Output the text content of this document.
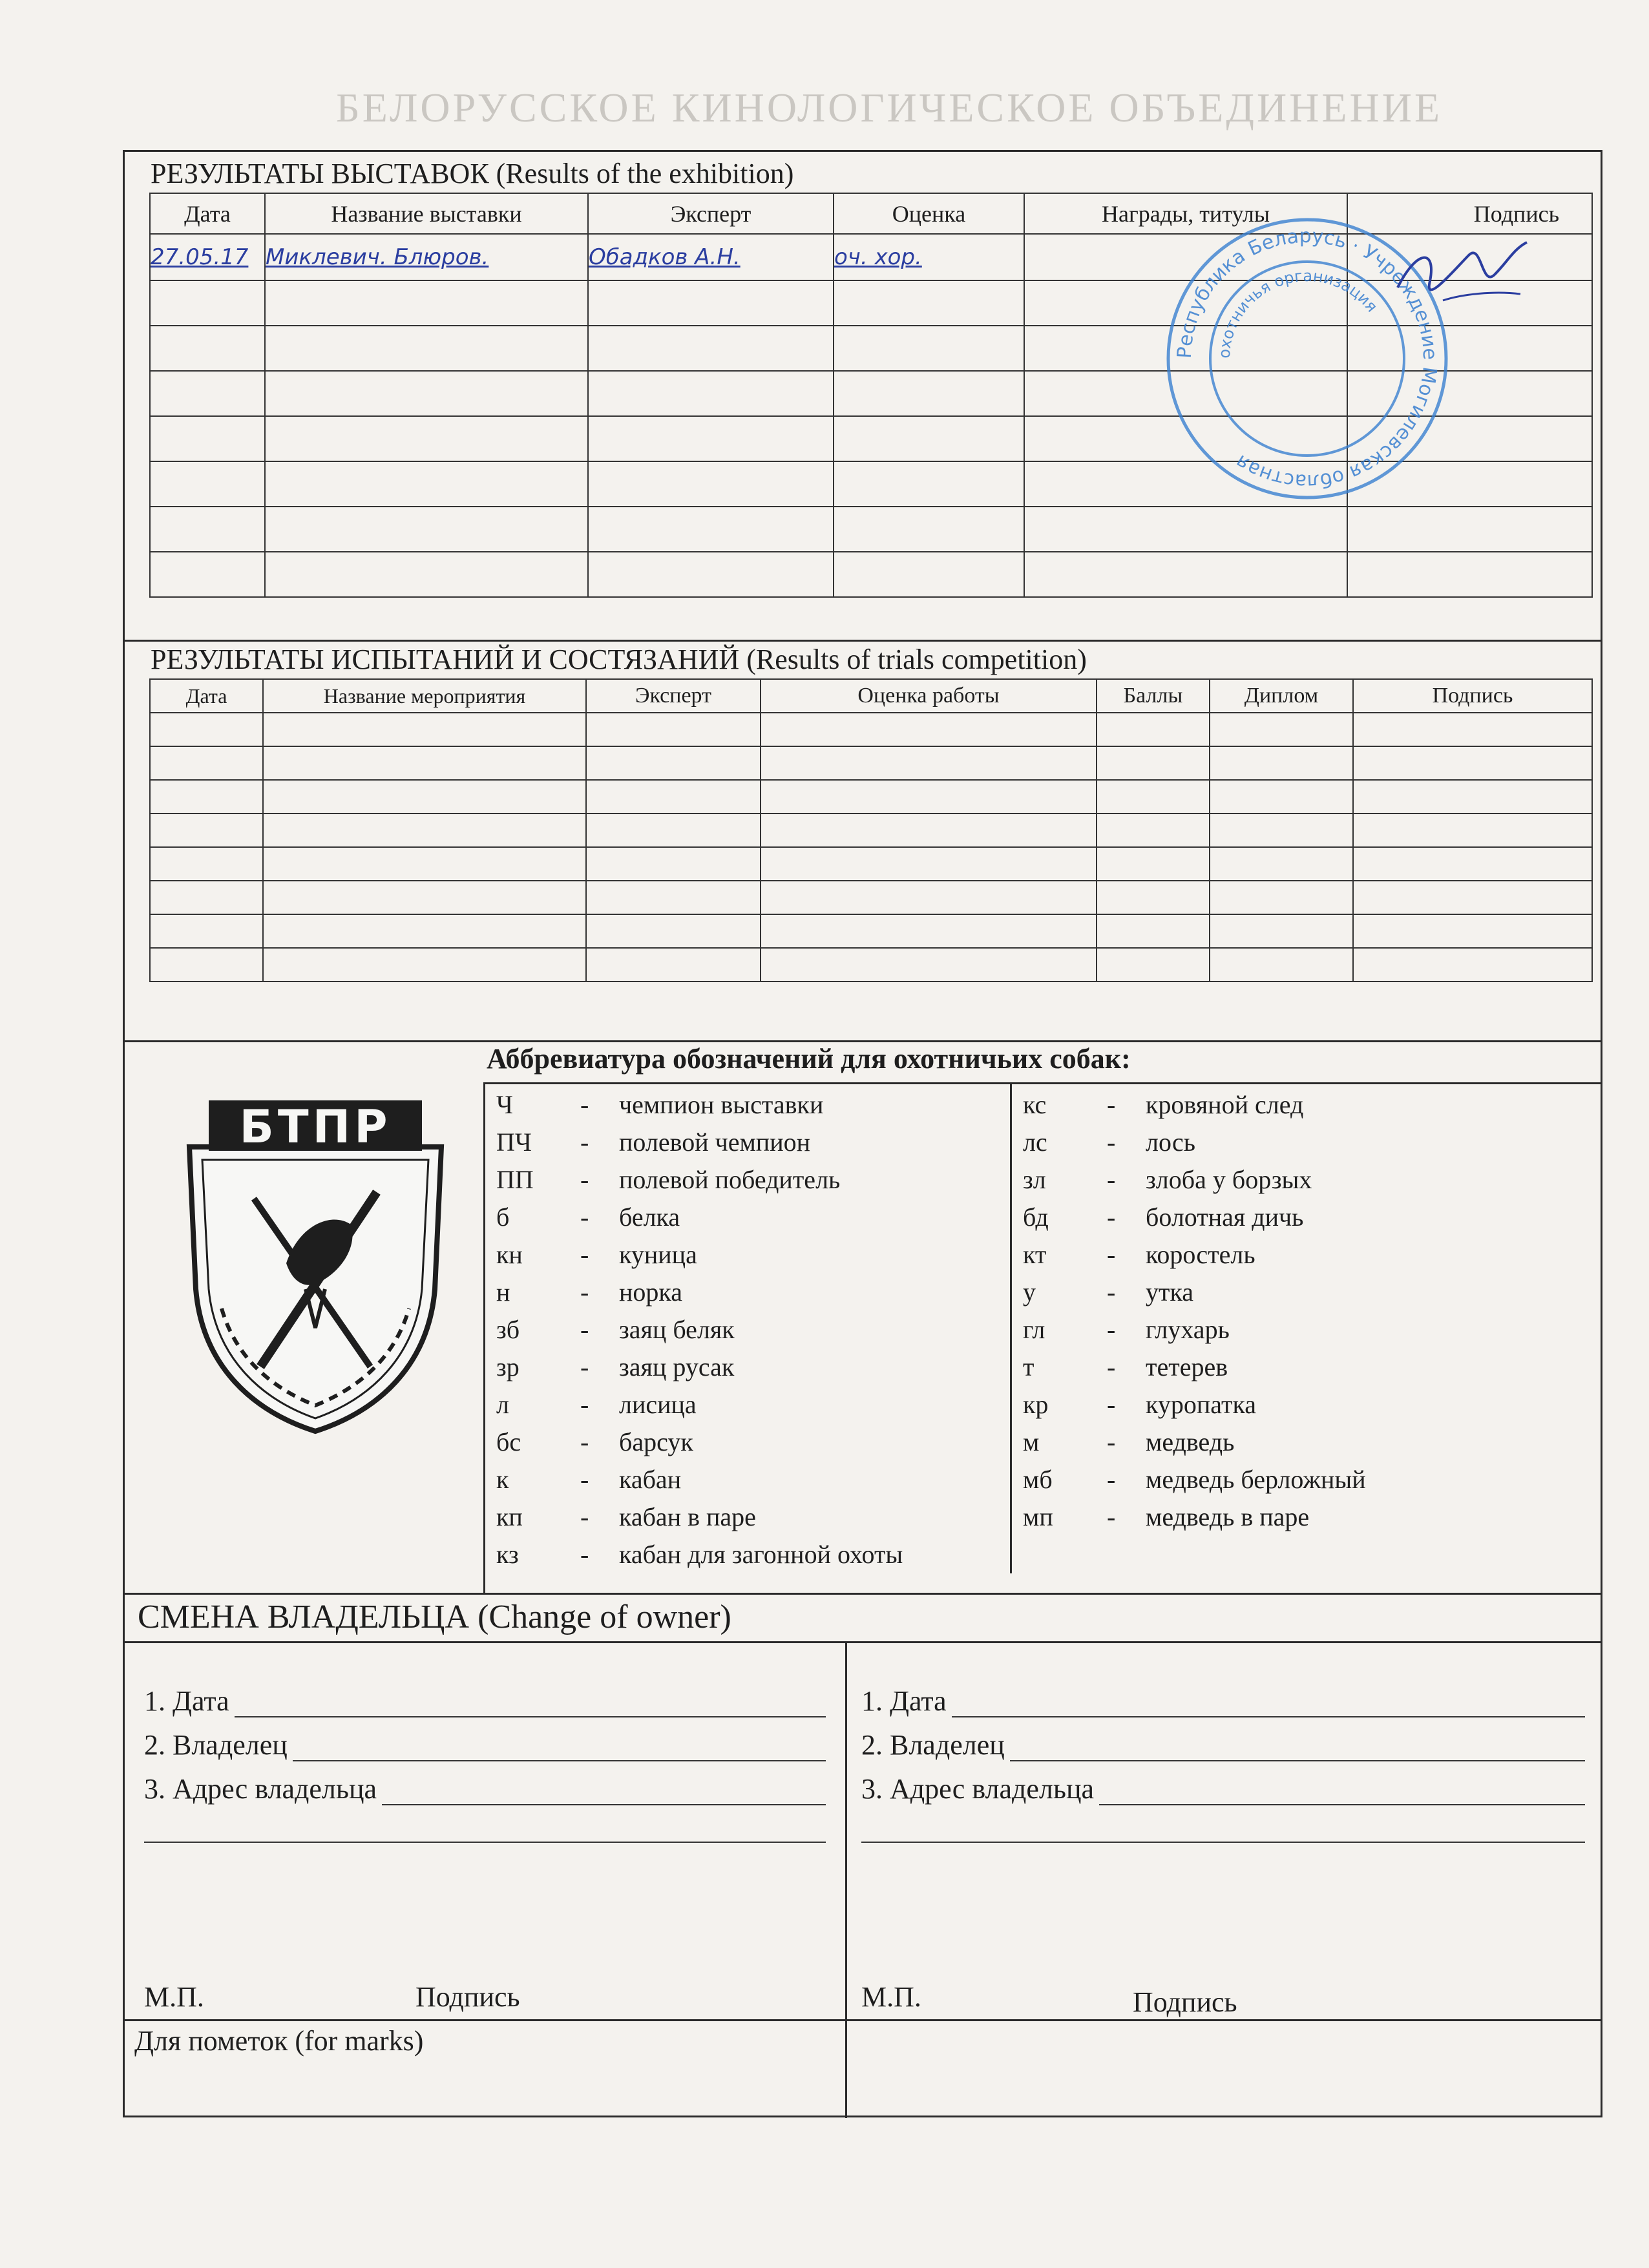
БЕЛОРУССКОЕ КИНОЛОГИЧЕСКОЕ ОБЪЕДИНЕНИЕ
РЕЗУЛЬТАТЫ ВЫСТАВОК (Results of the exhibition)
Дата	Название выставки	Эксперт	Оценка	Награды, титулы	Подпись
27.05.17	Миклевич. Блюров.	Обадков А.Н.	оч. хор.		

Республика Беларусь · Учреждение Могилевская областная
охотничья организация
РЕЗУЛЬТАТЫ ИСПЫТАНИЙ И СОСТЯЗАНИЙ (Results of trials competition)
Дата	Название мероприятия	Эксперт	Оценка работы	Баллы	Диплом	Подпись

Аббревиатура обозначений для охотничьих собак:
БТПР	Ч	-	чемпион выставки
ПЧ	-	полевой чемпион
ПП	-	полевой победитель
б	-	белка
кн	-	куница
н	-	норка
зб	-	заяц беляк
зр	-	заяц русак
л	-	лисица
бс	-	барсук
к	-	кабан
кп	-	кабан в паре
кз	-	кабан для загонной охоты
кс	-	кровяной след
лс	-	лось
зл	-	злоба у борзых
бд	-	болотная дичь
кт	-	коростель
у	-	утка
гл	-	глухарь
т	-	тетерев
кр	-	куропатка
м	-	медведь
мб	-	медведь берложный
мп	-	медведь в паре
СМЕНА ВЛАДЕЛЬЦА (Change of owner)
1. Дата
2. Владелец
3. Адрес владельца
М.П.	Подпись
1. Дата
2. Владелец
3. Адрес владельца
М.П.	Подпись
Для пометок (for marks)
